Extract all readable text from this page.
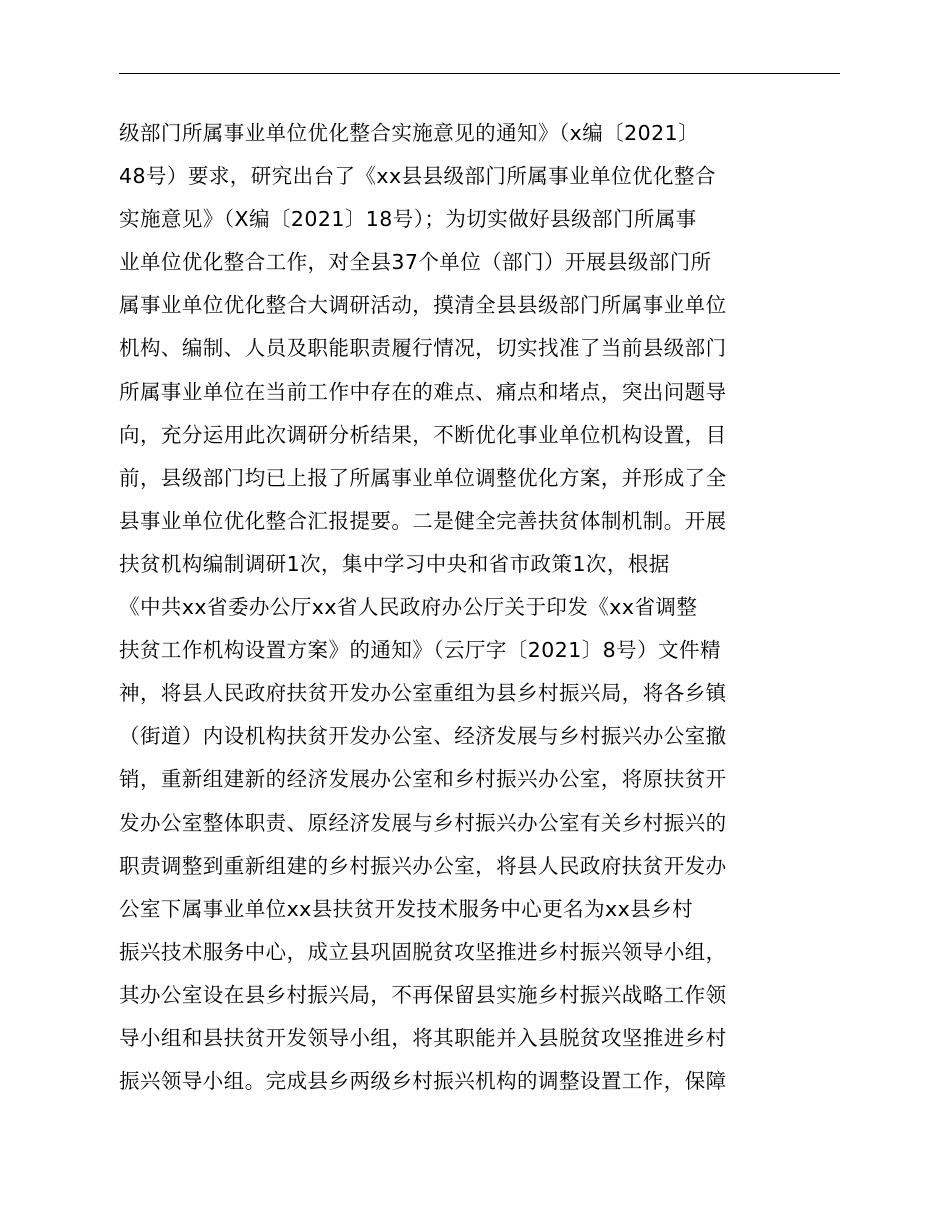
级部门所属事业单位优化整合实施意见的通知》（x编〔2021〕
48号）要求，研究出台了《xx县县级部门所属事业单位优化整合
实施意见》（X编〔2021〕18号）；为切实做好县级部门所属事
业单位优化整合工作，对全县37个单位（部门）开展县级部门所
属事业单位优化整合大调研活动，摸清全县县级部门所属事业单位
机构、编制、人员及职能职责履行情况，切实找准了当前县级部门
所属事业单位在当前工作中存在的难点、痛点和堵点，突出问题导
向，充分运用此次调研分析结果，不断优化事业单位机构设置，目
前，县级部门均已上报了所属事业单位调整优化方案，并形成了全
县事业单位优化整合汇报提要。二是健全完善扶贫体制机制。开展
扶贫机构编制调研1次，集中学习中央和省市政策1次，根据
《中共xx省委办公厅xx省人民政府办公厅关于印发《xx省调整
扶贫工作机构设置方案》的通知》（云厅字〔2021〕8号）文件精
神，将县人民政府扶贫开发办公室重组为县乡村振兴局，将各乡镇
（街道）内设机构扶贫开发办公室、经济发展与乡村振兴办公室撤
销，重新组建新的经济发展办公室和乡村振兴办公室，将原扶贫开
发办公室整体职责、原经济发展与乡村振兴办公室有关乡村振兴的
职责调整到重新组建的乡村振兴办公室，将县人民政府扶贫开发办
公室下属事业单位xx县扶贫开发技术服务中心更名为xx县乡村
振兴技术服务中心，成立县巩固脱贫攻坚推进乡村振兴领导小组，
其办公室设在县乡村振兴局，不再保留县实施乡村振兴战略工作领
导小组和县扶贫开发领导小组，将其职能并入县脱贫攻坚推进乡村
振兴领导小组。完成县乡两级乡村振兴机构的调整设置工作，保障
